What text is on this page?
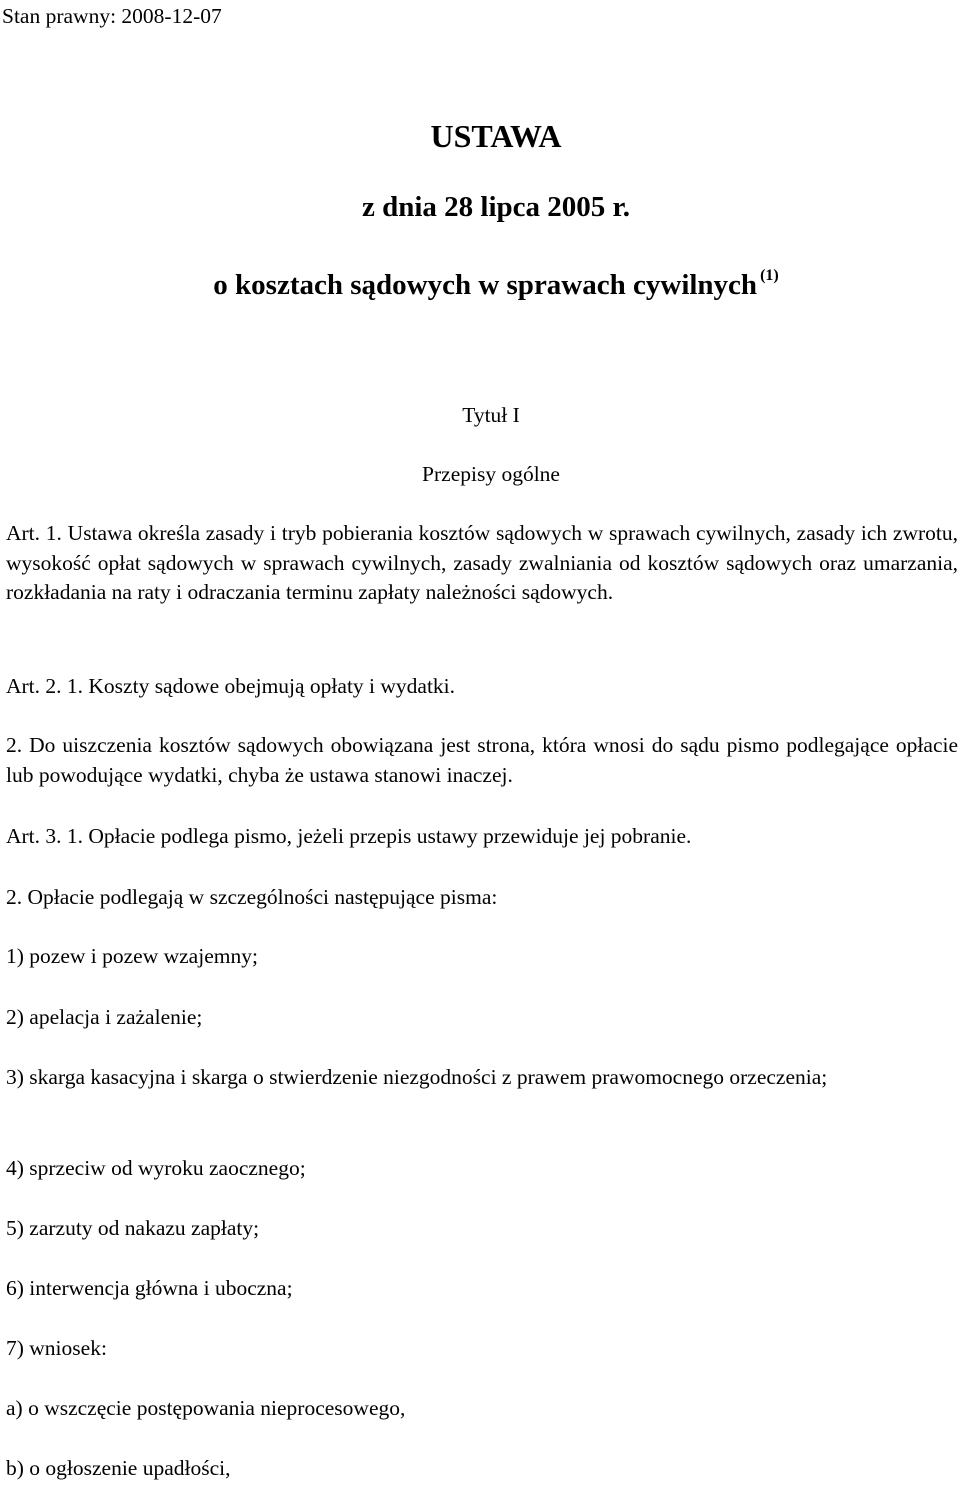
Stan prawny: 2008-12-07
USTAWA
z dnia 28 lipca 2005 r.
o kosztach sądowych w sprawach cywilnych $^{(1)}$
Tytuł I
Przepisy ogólne
Art. 1. Ustawa określa zasady i tryb pobierania kosztów sądowych w sprawach cywilnych, zasady ich zwrotu, wysokość opłat sądowych w sprawach cywilnych, zasady zwalniania od kosztów sądowych oraz umarzania, rozkładania na raty i odraczania terminu zapłaty należności sądowych.
Art. 2. 1. Koszty sądowe obejmują opłaty i wydatki.
2. Do uiszczenia kosztów sądowych obowiązana jest strona, która wnosi do sądu pismo podlegające opłacie lub powodujące wydatki, chyba że ustawa stanowi inaczej.
Art. 3. 1. Opłacie podlega pismo, jeżeli przepis ustawy przewiduje jej pobranie.
2. Opłacie podlegają w szczególności następujące pisma:
1) pozew i pozew wzajemny;
2) apelacja i zażalenie;
3) skarga kasacyjna i skarga o stwierdzenie niezgodności z prawem prawomocnego orzeczenia;
4) sprzeciw od wyroku zaocznego;
5) zarzuty od nakazu zapłaty;
6) interwencja główna i uboczna;
7) wniosek:
a) o wszczęcie postępowania nieprocesowego,
b) o ogłoszenie upadłości,
